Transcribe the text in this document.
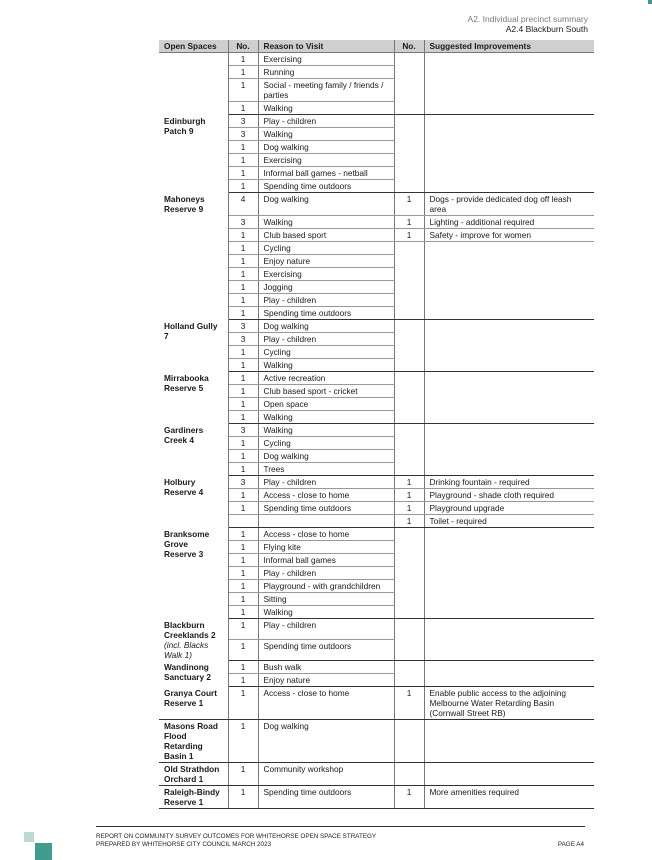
A2. Individual precinct summary
A2.4 Blackburn South
Open Spaces	No.	Reason to Visit	No.	Suggested Improvements

	1	Exercising		
	1	Running		
	1	Social - meeting family / friends / parties		
	1	Walking		

Edinburgh Patch 9	3	Play - children		
	3	Walking		
	1	Dog walking		
	1	Exercising		
	1	Informal ball games - netball		
	1	Spending time outdoors		

Mahoneys Reserve 9	4	Dog walking	1	Dogs - provide dedicated dog off leash area
	3	Walking	1	Lighting - additional required
	1	Club based sport	1	Safety - improve for women
	1	Cycling		
	1	Enjoy nature		
	1	Exercising		
	1	Jogging		
	1	Play - children		
	1	Spending time outdoors		

Holland Gully 7	3	Dog walking		
	3	Play - children		
	1	Cycling		
	1	Walking		

Mirrabooka Reserve 5	1	Active recreation		
	1	Club based sport - cricket		
	1	Open space		
	1	Walking		

Gardiners Creek 4	3	Walking		
	1	Cycling		
	1	Dog walking		
	1	Trees		

Holbury Reserve 4	3	Play - children	1	Drinking fountain - required
	1	Access - close to home	1	Playground - shade cloth required
	1	Spending time outdoors	1	Playground upgrade
			1	Toilet - required

Branksome Grove Reserve 3	1	Access - close to home		
	1	Flying kite		
	1	Informal ball games		
	1	Play - children		
	1	Playground - with grandchildren		
	1	Sitting		
	1	Walking		

Blackburn Creeklands 2
(incl. Blacks Walk 1)	1	Play - children		
	1	Spending time outdoors		

Wandinong Sanctuary 2	1	Bush walk		
	1	Enjoy nature		

Granya Court Reserve 1	1	Access - close to home	1	Enable public access to the adjoining Melbourne Water Retarding Basin (Cornwall Street RB)

Masons Road Flood Retarding Basin 1	1	Dog walking		

Old Strathdon Orchard 1	1	Community workshop		

Raleigh-Bindy Reserve 1	1	Spending time outdoors	1	More amenities required
REPORT ON COMMUNITY SURVEY OUTCOMES FOR WHITEHORSE OPEN SPACE STRATEGY
PREPARED BY WHITEHORSE CITY COUNCIL MARCH 2023	PAGE A4
